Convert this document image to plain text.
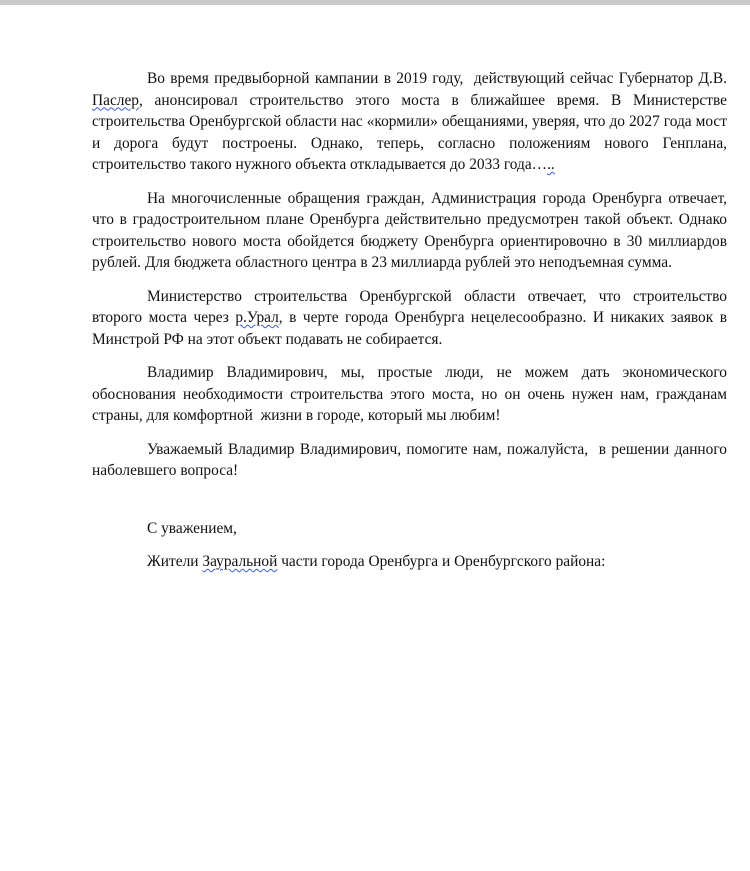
Во время предвыборной кампании в 2019 году,  действующий сейчас Губернатор Д.В. Паслер, анонсировал строительство этого моста в ближайшее время. В Министерстве строительства Оренбургской области нас «кормили» обещаниями, уверяя, что до 2027 года мост и дорога будут построены. Однако, теперь, согласно положениям нового Генплана, строительство такого нужного объекта откладывается до 2033 года…..

На многочисленные обращения граждан, Администрация города Оренбурга отвечает, что в градостроительном плане Оренбурга действительно предусмотрен такой объект. Однако строительство нового моста обойдется бюджету Оренбурга ориентировочно в 30 миллиардов рублей. Для бюджета областного центра в 23 миллиарда рублей это неподъемная сумма.

Министерство строительства Оренбургской области отвечает, что строительство второго моста через р.Урал, в черте города Оренбурга нецелесообразно. И никаких заявок в Минстрой РФ на этот объект подавать не собирается.

Владимир Владимирович, мы, простые люди, не можем дать экономического обоснования необходимости строительства этого моста, но он очень нужен нам, гражданам страны, для комфортной  жизни в городе, который мы любим!

Уважаемый Владимир Владимирович, помогите нам, пожалуйста,  в решении данного наболевшего вопроса!

С уважением,

Жители Зауральной части города Оренбурга и Оренбургского района:
